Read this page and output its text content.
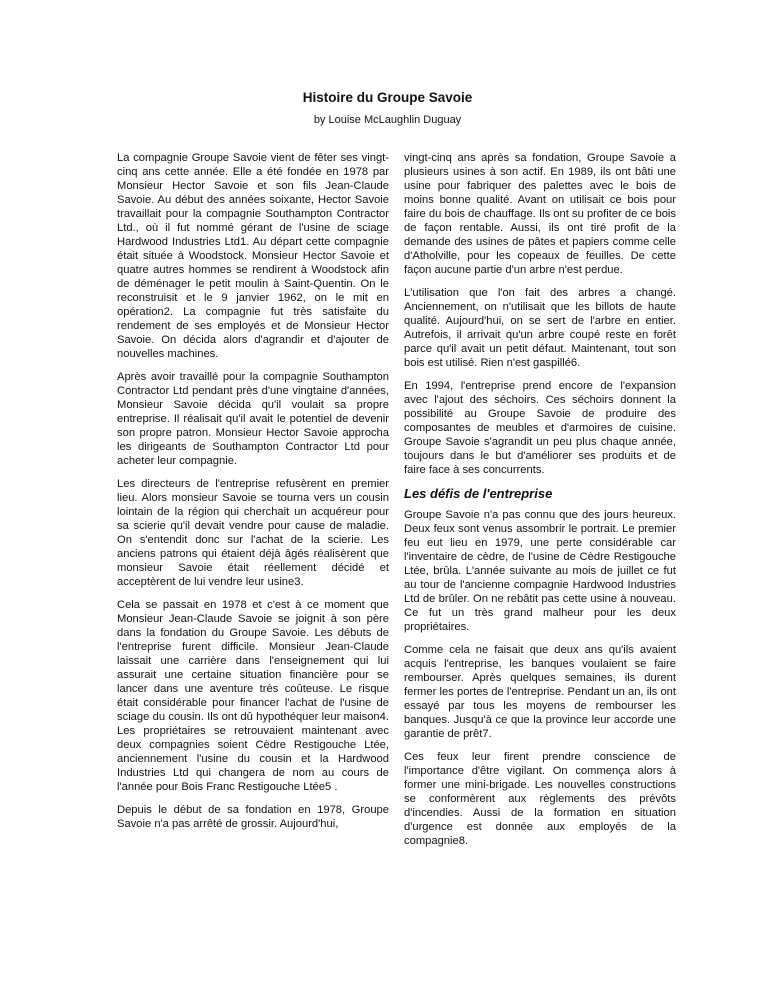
Histoire du Groupe Savoie
by Louise McLaughlin Duguay

La compagnie Groupe Savoie vient de fêter ses vingt-cinq ans cette année. Elle a été fondée en 1978 par Monsieur Hector Savoie et son fils Jean-Claude Savoie. Au début des années soixante, Hector Savoie travaillait pour la compagnie Southampton Contractor Ltd., où il fut nommé gérant de l'usine de sciage Hardwood Industries Ltd1. Au départ cette compagnie était située à Woodstock. Monsieur Hector Savoie et quatre autres hommes se rendirent à Woodstock afin de déménager le petit moulin à Saint-Quentin. On le reconstruisit et le 9 janvier 1962, on le mit en opération2. La compagnie fut très satisfaite du rendement de ses employés et de Monsieur Hector Savoie. On décida alors d'agrandir et d'ajouter de nouvelles machines.

Après avoir travaillé pour la compagnie Southampton Contractor Ltd pendant près d'une vingtaine d'années, Monsieur Savoie décida qu'il voulait sa propre entreprise. Il réalisait qu'il avait le potentiel de devenir son propre patron. Monsieur Hector Savoie approcha les dirigeants de Southampton Contractor Ltd pour acheter leur compagnie.

Les directeurs de l'entreprise refusèrent en premier lieu. Alors monsieur Savoie se tourna vers un cousin lointain de la région qui cherchait un acquéreur pour sa scierie qu'il devait vendre pour cause de maladie. On s'entendit donc sur l'achat de la scierie. Les anciens patrons qui étaient déjà âgés réalisèrent que monsieur Savoie était réellement décidé et acceptèrent de lui vendre leur usine3.

Cela se passait en 1978 et c'est à ce moment que Monsieur Jean-Claude Savoie se joignit à son père dans la fondation du Groupe Savoie. Les débuts de l'entreprise furent difficile. Monsieur Jean-Claude laissait une carrière dans l'enseignement qui lui assurait une certaine situation financière pour se lancer dans une aventure très coûteuse. Le risque était considérable pour financer l'achat de l'usine de sciage du cousin. Ils ont dû hypothéquer leur maison4. Les propriétaires se retrouvaient maintenant avec deux compagnies soient Cèdre Restigouche Ltée, anciennement l'usine du cousin et la Hardwood Industries Ltd qui changera de nom au cours de l'année pour Bois Franc Restigouche Ltée5 .

Depuis le début de sa fondation en 1978, Groupe Savoie n'a pas arrêté de grossir. Aujourd'hui,

vingt-cinq ans après sa fondation, Groupe Savoie a plusieurs usines à son actif. En 1989, ils ont bâti une usine pour fabriquer des palettes avec le bois de moins bonne qualité. Avant on utilisait ce bois pour faire du bois de chauffage. Ils ont su profiter de ce bois de façon rentable. Aussi, ils ont tiré profit de la demande des usines de pâtes et papiers comme celle d'Atholville, pour les copeaux de feuilles. De cette façon aucune partie d'un arbre n'est perdue.

L'utilisation que l'on fait des arbres a changé. Anciennement, on n'utilisait que les billots de haute qualité. Aujourd'hui, on se sert de l'arbre en entier. Autrefois, il arrivait qu'un arbre coupé reste en forêt parce qu'il avait un petit défaut. Maintenant, tout son bois est utilisé. Rien n'est gaspillé6.

En 1994, l'entreprise prend encore de l'expansion avec l'ajout des séchoirs. Ces séchoirs donnent la possibilité au Groupe Savoie de produire des composantes de meubles et d'armoires de cuisine. Groupe Savoie s'agrandit un peu plus chaque année, toujours dans le but d'améliorer ses produits et de faire face à ses concurrents.

Les défis de l'entreprise

Groupe Savoie n'a pas connu que des jours heureux. Deux feux sont venus assombrir le portrait. Le premier feu eut lieu en 1979, une perte considérable car l'inventaire de cèdre, de l'usine de Cèdre Restigouche Ltée, brûla. L'année suivante au mois de juillet ce fut au tour de l'ancienne compagnie Hardwood Industries Ltd de brûler. On ne rebâtit pas cette usine à nouveau. Ce fut un très grand malheur pour les deux propriétaires.

Comme cela ne faisait que deux ans qu'ils avaient acquis l'entreprise, les banques voulaient se faire rembourser. Après quelques semaines, ils durent fermer les portes de l'entreprise. Pendant un an, ils ont essayé par tous les moyens de rembourser les banques. Jusqu'à ce que la province leur accorde une garantie de prêt7.

Ces feux leur firent prendre conscience de l'importance d'être vigilant. On commença alors à former une mini-brigade. Les nouvelles constructions se conformèrent aux règlements des prévôts d'incendies. Aussi de la formation en situation d'urgence est donnée aux employés de la compagnie8.
